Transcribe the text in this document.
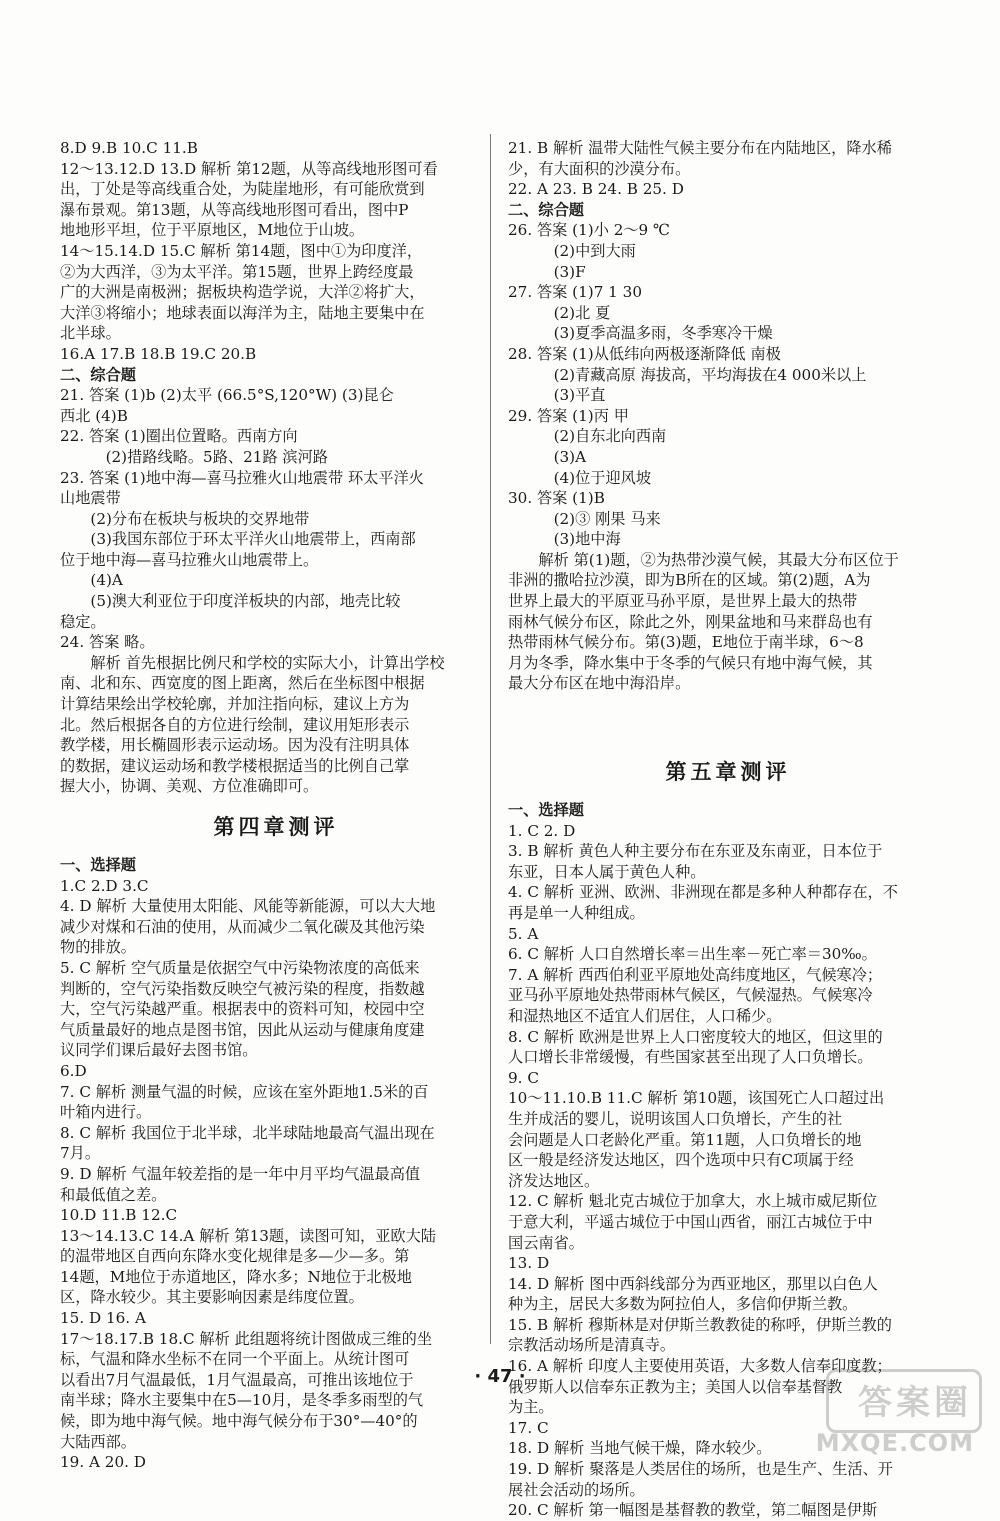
8.D 9.B 10.C 11.B
12～13.12.D 13.D 解析 第12题，从等高线地形图可看
出，丁处是等高线重合处，为陡崖地形，有可能欣赏到
瀑布景观。第13题，从等高线地形图可看出，图中P
地地形平坦，位于平原地区，M地位于山坡。
14～15.14.D 15.C 解析 第14题，图中①为印度洋，
②为大西洋，③为太平洋。第15题，世界上跨经度最
广的大洲是南极洲；据板块构造学说，大洋②将扩大，
大洋③将缩小；地球表面以海洋为主，陆地主要集中在
北半球。
16.A 17.B 18.B 19.C 20.B
二、综合题
21. 答案 (1)b (2)太平 (66.5°S,120°W) (3)昆仑
西北 (4)B
22. 答案 (1)圈出位置略。西南方向
(2)措路线略。5路、21路 滨河路
23. 答案 (1)地中海—喜马拉雅火山地震带 环太平洋火
山地震带
(2)分布在板块与板块的交界地带
(3)我国东部位于环太平洋火山地震带上，西南部
位于地中海—喜马拉雅火山地震带上。
(4)A
(5)澳大利亚位于印度洋板块的内部，地壳比较
稳定。
24. 答案 略。
解析 首先根据比例尺和学校的实际大小，计算出学校
南、北和东、西宽度的图上距离，然后在坐标图中根据
计算结果绘出学校轮廓，并加注指向标，建议上方为
北。然后根据各自的方位进行绘制，建议用矩形表示
教学楼，用长椭圆形表示运动场。因为没有注明具体
的数据，建议运动场和教学楼根据适当的比例自己掌
握大小，协调、美观、方位准确即可。
第四章测评
一、选择题
1.C 2.D 3.C
4. D 解析 大量使用太阳能、风能等新能源，可以大大地
减少对煤和石油的使用，从而减少二氧化碳及其他污染
物的排放。
5. C 解析 空气质量是依据空气中污染物浓度的高低来
判断的，空气污染指数反映空气被污染的程度，指数越
大，空气污染越严重。根据表中的资料可知，校园中空
气质量最好的地点是图书馆，因此从运动与健康角度建
议同学们课后最好去图书馆。
6.D
7. C 解析 测量气温的时候，应该在室外距地1.5米的百
叶箱内进行。
8. C 解析 我国位于北半球，北半球陆地最高气温出现在
7月。
9. D 解析 气温年较差指的是一年中月平均气温最高值
和最低值之差。
10.D 11.B 12.C
13～14.13.C 14.A 解析 第13题，读图可知，亚欧大陆
的温带地区自西向东降水变化规律是多—少—多。第
14题，M地位于赤道地区，降水多；N地位于北极地
区，降水较少。其主要影响因素是纬度位置。
15. D 16. A
17～18.17.B 18.C 解析 此组题将统计图做成三维的坐
标，气温和降水坐标不在同一个平面上。从统计图可
以看出7月气温最低，1月气温最高，可推出该地位于
南半球；降水主要集中在5—10月，是冬季多雨型的气
候，即为地中海气候。地中海气候分布于30°—40°的
大陆西部。
19. A 20. D
21. B 解析 温带大陆性气候主要分布在内陆地区，降水稀
少，有大面积的沙漠分布。
22. A 23. B 24. B 25. D
二、综合题
26. 答案 (1)小 2～9 ℃
(2)中到大雨
(3)F
27. 答案 (1)7 1 30
(2)北 夏
(3)夏季高温多雨，冬季寒冷干燥
28. 答案 (1)从低纬向两极逐渐降低 南极
(2)青藏高原 海拔高，平均海拔在4 000米以上
(3)平直
29. 答案 (1)丙 甲
(2)自东北向西南
(3)A
(4)位于迎风坡
30. 答案 (1)B
(2)③ 刚果 马来
(3)地中海
解析 第(1)题，②为热带沙漠气候，其最大分布区位于
非洲的撒哈拉沙漠，即为B所在的区域。第(2)题，A为
世界上最大的平原亚马孙平原，是世界上最大的热带
雨林气候分布区，除此之外，刚果盆地和马来群岛也有
热带雨林气候分布。第(3)题，E地位于南半球，6～8
月为冬季，降水集中于冬季的气候只有地中海气候，其
最大分布区在地中海沿岸。
第五章测评
一、选择题
1. C 2. D
3. B 解析 黄色人种主要分布在东亚及东南亚，日本位于
东亚，日本人属于黄色人种。
4. C 解析 亚洲、欧洲、非洲现在都是多种人种都存在，不
再是单一人种组成。
5. A
6. C 解析 人口自然增长率＝出生率－死亡率＝30‰。
7. A 解析 西西伯利亚平原地处高纬度地区，气候寒冷；
亚马孙平原地处热带雨林气候区，气候湿热。气候寒冷
和湿热地区不适宜人们居住，人口稀少。
8. C 解析 欧洲是世界上人口密度较大的地区，但这里的
人口增长非常缓慢，有些国家甚至出现了人口负增长。
9. C
10～11.10.B 11.C 解析 第10题，该国死亡人口超过出
生并成活的婴儿，说明该国人口负增长，产生的社
会问题是人口老龄化严重。第11题，人口负增长的地
区一般是经济发达地区，四个选项中只有C项属于经
济发达地区。
12. C 解析 魁北克古城位于加拿大，水上城市威尼斯位
于意大利，平遥古城位于中国山西省，丽江古城位于中
国云南省。
13. D
14. D 解析 图中西斜线部分为西亚地区，那里以白色人
种为主，居民大多数为阿拉伯人，多信仰伊斯兰教。
15. B 解析 穆斯林是对伊斯兰教教徒的称呼，伊斯兰教的
宗教活动场所是清真寺。
16. A 解析 印度人主要使用英语，大多数人信奉印度教；
俄罗斯人以信奉东正教为主；美国人以信奉基督教
为主。
17. C
18. D 解析 当地气候干燥，降水较少。
19. D 解析 聚落是人类居住的场所，也是生产、生活、开
展社会活动的场所。
20. C 解析 第一幅图是基督教的教堂，第二幅图是伊斯
· 47 ·
答案圈
MXQE.COM
